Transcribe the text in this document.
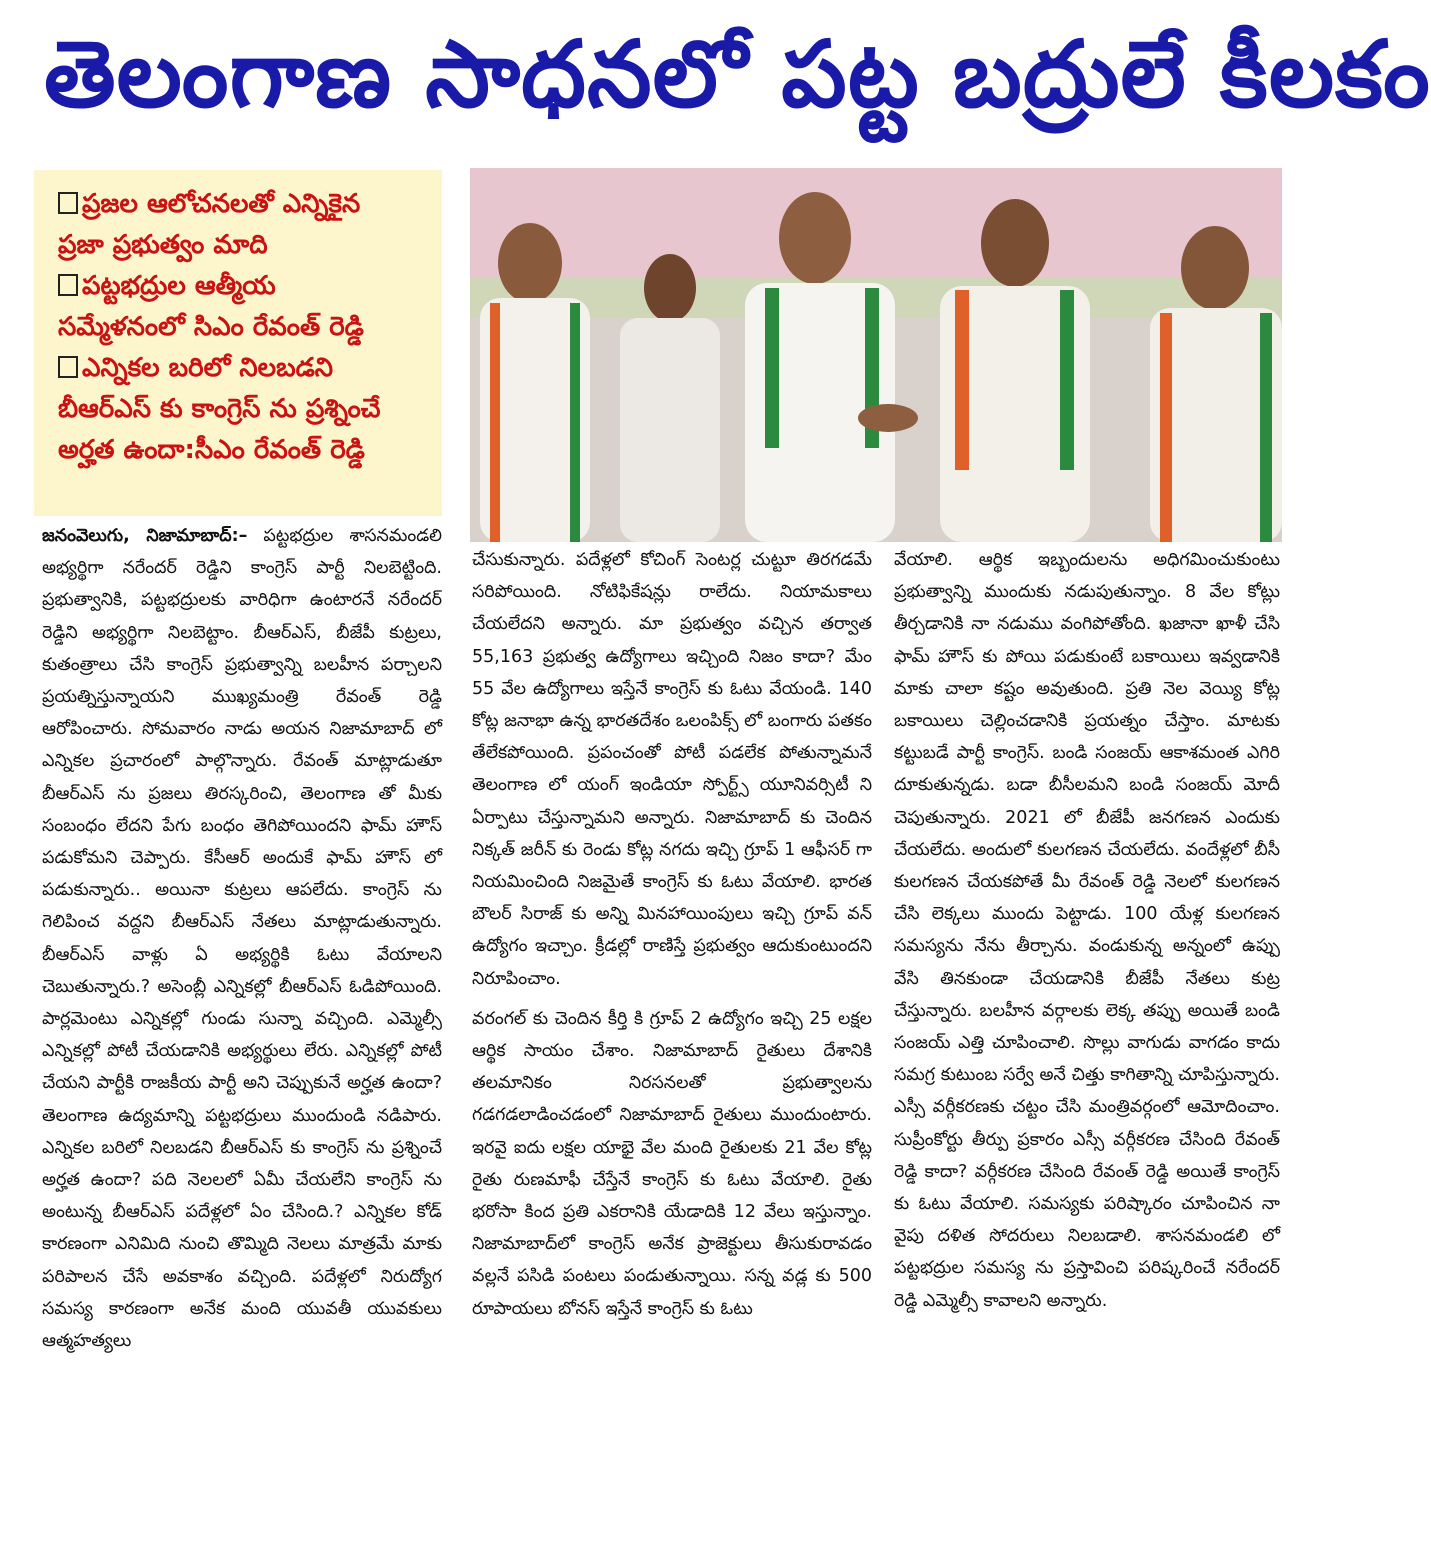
తెలంగాణ సాధనలో పట్ట బద్రులే కీలకం
ప్రజల ఆలోచనలతో ఎన్నికైన
ప్రజా ప్రభుత్వం మాది
పట్టభద్రుల ఆత్మీయ
సమ్మేళనంలో సిఎం రేవంత్ రెడ్డి
ఎన్నికల బరిలో నిలబడని
బీఆర్ఎస్ కు కాంగ్రెస్ ను ప్రశ్నించే
అర్హత ఉందా:సీఎం రేవంత్ రెడ్డి

జనంవెలుగు, నిజామాబాద్:– పట్టభద్రుల శాసనమండలి అభ్యర్థిగా నరేందర్ రెడ్డిని కాంగ్రెస్ పార్టీ నిలబెట్టింది. ప్రభుత్వానికి, పట్టభద్రులకు వారిధిగా ఉంటారనే నరేందర్ రెడ్డిని అభ్యర్థిగా నిలబెట్టాం. బీఆర్ఎస్, బీజేపీ కుట్రలు, కుతంత్రాలు చేసి కాంగ్రెస్ ప్రభుత్వాన్ని బలహీన పర్చాలని ప్రయత్నిస్తున్నాయని ముఖ్యమంత్రి రేవంత్ రెడ్డి ఆరోపించారు. సోమవారం నాడు అయన నిజామాబాద్ లో ఎన్నికల ప్రచారంలో పాల్గొన్నారు. రేవంత్ మాట్లాడుతూ బీఆర్ఎస్ ను ప్రజలు తిరస్కరించి, తెలంగాణ తో మీకు సంబంధం లేదని పేగు బంధం తెగిపోయిందని ఫామ్ హౌస్ పడుకోమని చెప్పారు. కేసీఆర్ అందుకే ఫామ్ హౌస్ లో పడుకున్నారు.. అయినా కుట్రలు ఆపలేదు. కాంగ్రెస్ ను గెలిపించ వద్దని బీఆర్ఎస్ నేతలు మాట్లాడుతున్నారు. బీఆర్ఎస్ వాళ్లు ఏ అభ్యర్థికి ఓటు వేయాలని చెబుతున్నారు.? అసెంబ్లీ ఎన్నికల్లో బీఆర్ఎస్ ఓడిపోయింది. పార్లమెంటు ఎన్నికల్లో గుండు సున్నా వచ్చింది. ఎమ్మెల్సీ ఎన్నికల్లో పోటీ చేయడానికి అభ్యర్థులు లేరు. ఎన్నికల్లో పోటీ చేయని పార్టీకి రాజకీయ పార్టీ అని చెప్పుకునే అర్హత ఉందా? తెలంగాణ ఉద్యమాన్ని పట్టభద్రులు ముందుండి నడిపారు. ఎన్నికల బరిలో నిలబడని బీఆర్ఎస్ కు కాంగ్రెస్ ను ప్రశ్నించే అర్హత ఉందా? పది నెలలలో ఏమీ చేయలేని కాంగ్రెస్ ను అంటున్న బీఆర్ఎస్ పదేళ్లలో ఏం చేసింది.? ఎన్నికల కోడ్ కారణంగా ఎనిమిది నుంచి తొమ్మిది నెలలు మాత్రమే మాకు పరిపాలన చేసే అవకాశం వచ్చింది. పదేళ్లలో నిరుద్యోగ సమస్య కారణంగా అనేక మంది యువతీ యువకులు ఆత్మహత్యలు

చేసుకున్నారు. పదేళ్లలో కోచింగ్ సెంటర్ల చుట్టూ తిరగడమే సరిపోయింది. నోటిఫికేషన్లు రాలేదు. నియామకాలు చేయలేదని అన్నారు. మా ప్రభుత్వం వచ్చిన తర్వాత 55,163 ప్రభుత్వ ఉద్యోగాలు ఇచ్చింది నిజం కాదా? మేం 55 వేల ఉద్యోగాలు ఇస్తేనే కాంగ్రెస్ కు ఓటు వేయండి. 140 కోట్ల జనాభా ఉన్న భారతదేశం ఒలంపిక్స్ లో బంగారు పతకం తేలేకపోయింది. ప్రపంచంతో పోటీ పడలేక పోతున్నామనే తెలంగాణ లో యంగ్ ఇండియా స్పోర్ట్స్ యూనివర్సిటీ ని ఏర్పాటు చేస్తున్నామని అన్నారు. నిజామాబాద్ కు చెందిన నిక్కత్ జరీన్ కు రెండు కోట్ల నగదు ఇచ్చి గ్రూప్ 1 ఆఫీసర్ గా నియమించింది నిజమైతే కాంగ్రెస్ కు ఓటు వేయాలి. భారత బౌలర్ సిరాజ్ కు అన్ని మినహాయింపులు ఇచ్చి గ్రూప్ వన్ ఉద్యోగం ఇచ్చాం. క్రీడల్లో రాణిస్తే ప్రభుత్వం ఆదుకుంటుందని నిరూపించాం.

వరంగల్ కు చెందిన కీర్తి కి గ్రూప్ 2 ఉద్యోగం ఇచ్చి 25 లక్షల ఆర్థిక సాయం చేశాం. నిజామాబాద్ రైతులు దేశానికి తలమానికం నిరసనలతో ప్రభుత్వాలను గడగడలాడించడంలో నిజామాబాద్ రైతులు ముందుంటారు. ఇరవై ఐదు లక్షల యాభై వేల మంది రైతులకు 21 వేల కోట్ల రైతు రుణమాఫీ చేస్తేనే కాంగ్రెస్ కు ఓటు వేయాలి. రైతు భరోసా కింద ప్రతి ఎకరానికి యేడాదికి 12 వేలు ఇస్తున్నాం. నిజామాబాద్‌లో కాంగ్రెస్ అనేక ప్రాజెక్టులు తీసుకురావడం వల్లనే పసిడి పంటలు పండుతున్నాయి. సన్న వడ్ల కు 500 రూపాయలు బోనస్ ఇస్తేనే కాంగ్రెస్ కు ఓటు

వేయాలి. ఆర్థిక ఇబ్బందులను అధిగమించుకుంటు ప్రభుత్వాన్ని ముందుకు నడుపుతున్నాం. 8 వేల కోట్లు తీర్చడానికి నా నడుము వంగిపోతోంది. ఖజానా ఖాళీ చేసి ఫామ్ హౌస్ కు పోయి పడుకుంటే బకాయిలు ఇవ్వడానికి మాకు చాలా కష్టం అవుతుంది. ప్రతి నెల వెయ్యి కోట్ల బకాయిలు చెల్లించడానికి ప్రయత్నం చేస్తాం. మాటకు కట్టుబడే పార్టీ కాంగ్రెస్. బండి సంజయ్ ఆకాశమంత ఎగిరి దూకుతున్నడు. బడా బీసీలమని బండి సంజయ్ మోదీ చెపుతున్నారు. 2021 లో బీజేపీ జనగణన ఎందుకు చేయలేదు. అందులో కులగణన చేయలేదు. వందేళ్లలో బీసీ కులగణన చేయకపోతే మీ రేవంత్ రెడ్డి నెలలో కులగణన చేసి లెక్కలు ముందు పెట్టాడు. 100 యేళ్ల కులగణన సమస్యను నేను తీర్చాను. వండుకున్న అన్నంలో ఉప్పు వేసి తినకుండా చేయడానికి బీజేపీ నేతలు కుట్ర చేస్తున్నారు. బలహీన వర్గాలకు లెక్క తప్పు అయితే బండి సంజయ్ ఎత్తి చూపించాలి. సొల్లు వాగుడు వాగడం కాదు సమగ్ర కుటుంబ సర్వే అనే చిత్తు కాగితాన్ని చూపిస్తున్నారు. ఎస్సీ వర్గీకరణకు చట్టం చేసి మంత్రివర్గంలో ఆమోదించాం. సుప్రీంకోర్టు తీర్పు ప్రకారం ఎస్సీ వర్గీకరణ చేసింది రేవంత్ రెడ్డి కాదా? వర్గీకరణ చేసింది రేవంత్ రెడ్డి అయితే కాంగ్రెస్ కు ఓటు వేయాలి. సమస్యకు పరిష్కారం చూపించిన నా వైపు దళిత సోదరులు నిలబడాలి. శాసనమండలి లో పట్టభద్రుల సమస్య ను ప్రస్తావించి పరిష్కరించే నరేందర్ రెడ్డి ఎమ్మెల్సీ కావాలని అన్నారు.
